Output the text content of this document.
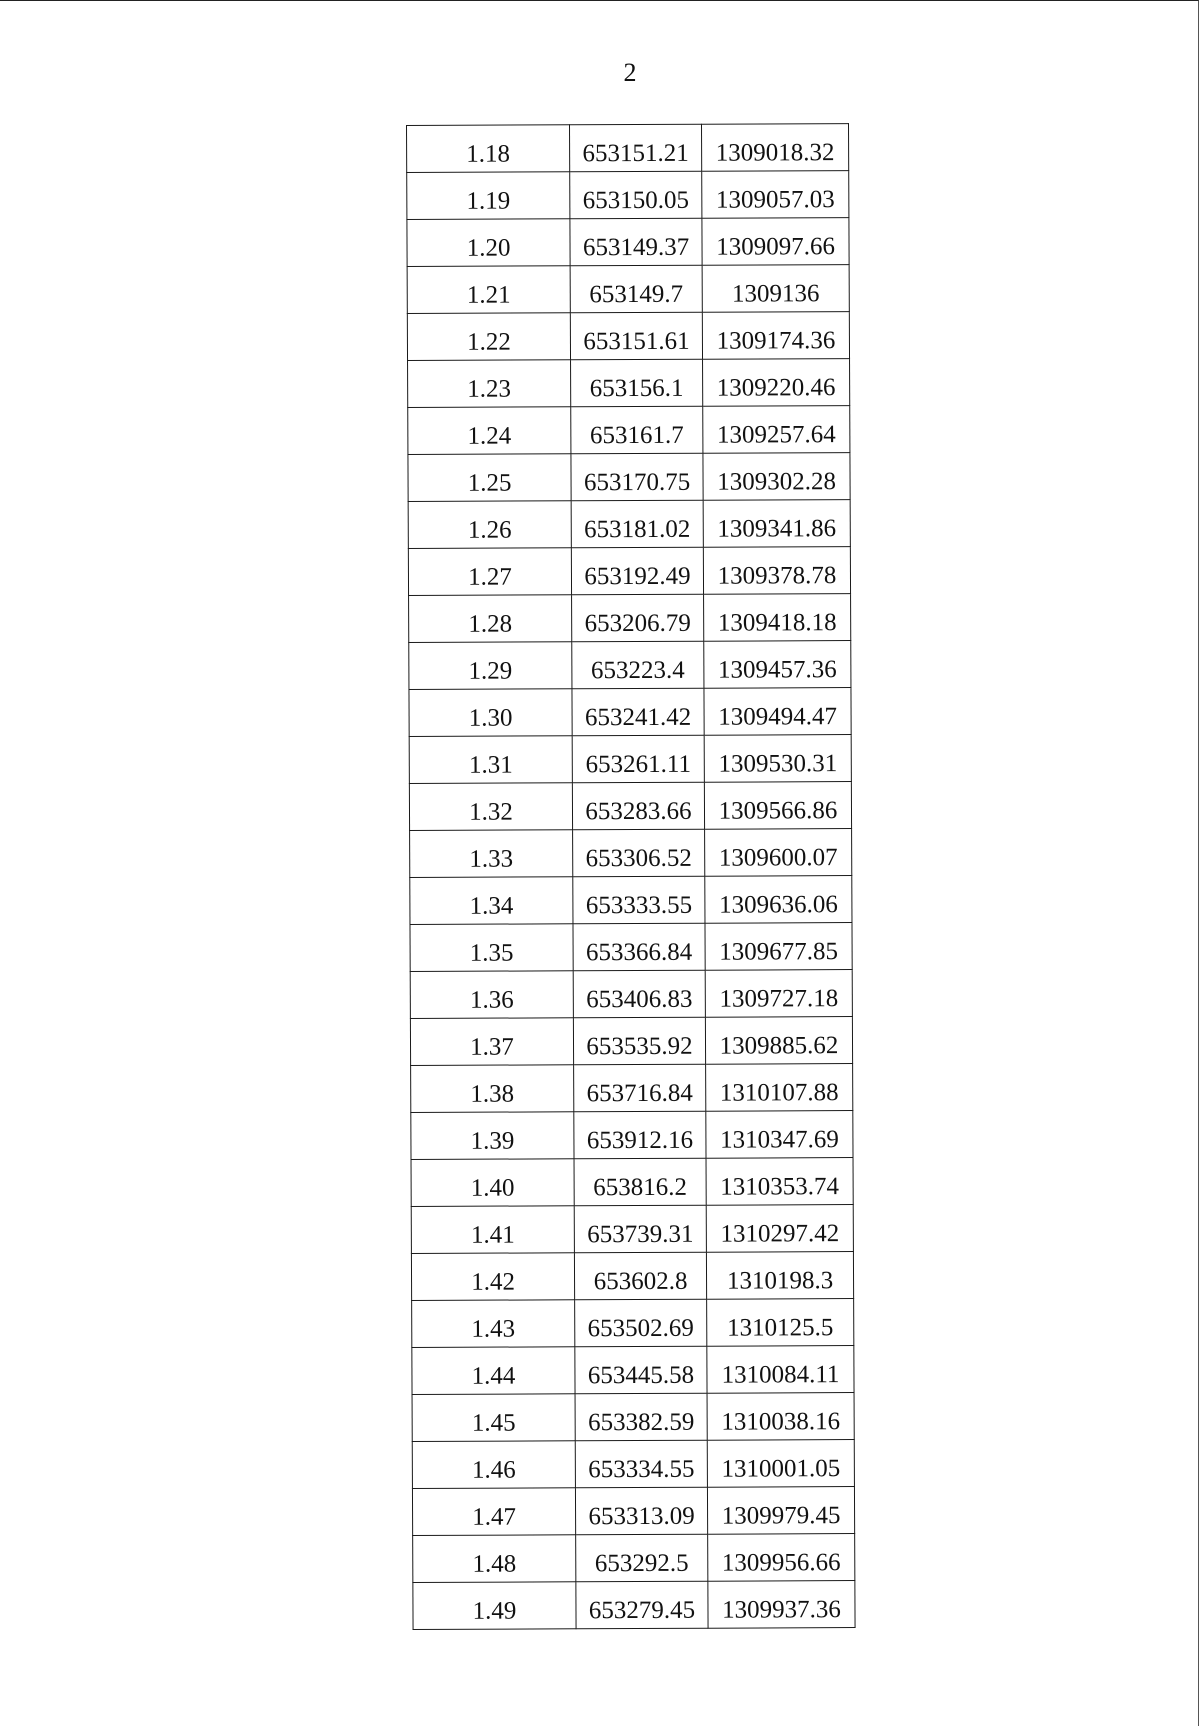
2
1.18	653151.21	1309018.32
1.19	653150.05	1309057.03
1.20	653149.37	1309097.66
1.21	653149.7	1309136
1.22	653151.61	1309174.36
1.23	653156.1	1309220.46
1.24	653161.7	1309257.64
1.25	653170.75	1309302.28
1.26	653181.02	1309341.86
1.27	653192.49	1309378.78
1.28	653206.79	1309418.18
1.29	653223.4	1309457.36
1.30	653241.42	1309494.47
1.31	653261.11	1309530.31
1.32	653283.66	1309566.86
1.33	653306.52	1309600.07
1.34	653333.55	1309636.06
1.35	653366.84	1309677.85
1.36	653406.83	1309727.18
1.37	653535.92	1309885.62
1.38	653716.84	1310107.88
1.39	653912.16	1310347.69
1.40	653816.2	1310353.74
1.41	653739.31	1310297.42
1.42	653602.8	1310198.3
1.43	653502.69	1310125.5
1.44	653445.58	1310084.11
1.45	653382.59	1310038.16
1.46	653334.55	1310001.05
1.47	653313.09	1309979.45
1.48	653292.5	1309956.66
1.49	653279.45	1309937.36
